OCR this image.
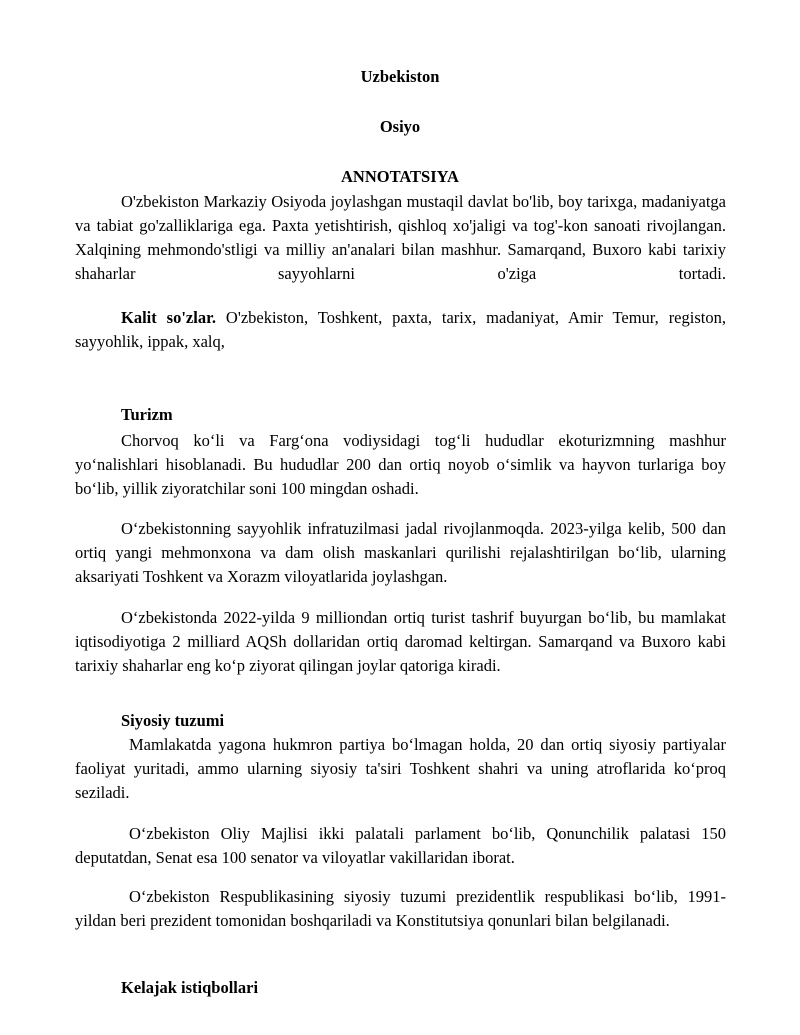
Uzbekiston

Osiyo

ANNOTATSIYA

O'zbekiston Markaziy Osiyoda joylashgan mustaqil davlat bo'lib, boy tarixga, madaniyatga va tabiat go'zalliklariga ega. Paxta yetishtirish, qishloq xo'jaligi va tog'-kon sanoati rivojlangan. Xalqining mehmondo'stligi va milliy an'analari bilan mashhur. Samarqand, Buxoro kabi tarixiy shaharlar sayyohlarni o'ziga tortadi.

Kalit so'zlar. O'zbekiston, Toshkent, paxta, tarix, madaniyat, Amir Temur, registon, sayyohlik, ippak, xalq,

Turizm

Chorvoq koʻli va Fargʻona vodiysidagi togʻli hududlar ekoturizmning mashhur yoʻnalishlari hisoblanadi. Bu hududlar 200 dan ortiq noyob oʻsimlik va hayvon turlariga boy boʻlib, yillik ziyoratchilar soni 100 mingdan oshadi.

Oʻzbekistonning sayyohlik infratuzilmasi jadal rivojlanmoqda. 2023-yilga kelib, 500 dan ortiq yangi mehmonxona va dam olish maskanlari qurilishi rejalashtirilgan boʻlib, ularning aksariyati Toshkent va Xorazm viloyatlarida joylashgan.

Oʻzbekistonda 2022-yilda 9 milliondan ortiq turist tashrif buyurgan boʻlib, bu mamlakat iqtisodiyotiga 2 milliard AQSh dollaridan ortiq daromad keltirgan. Samarqand va Buxoro kabi tarixiy shaharlar eng koʻp ziyorat qilingan joylar qatoriga kiradi.

Siyosiy tuzumi

Mamlakatda yagona hukmron partiya boʻlmagan holda, 20 dan ortiq siyosiy partiyalar faoliyat yuritadi, ammo ularning siyosiy ta'siri Toshkent shahri va uning atroflarida koʻproq seziladi.

Oʻzbekiston Oliy Majlisi ikki palatali parlament boʻlib, Qonunchilik palatasi 150 deputatdan, Senat esa 100 senator va viloyatlar vakillaridan iborat.

Oʻzbekiston Respublikasining siyosiy tuzumi prezidentlik respublikasi boʻlib, 1991-yildan beri prezident tomonidan boshqariladi va Konstitutsiya qonunlari bilan belgilanadi.

Kelajak istiqbollari
